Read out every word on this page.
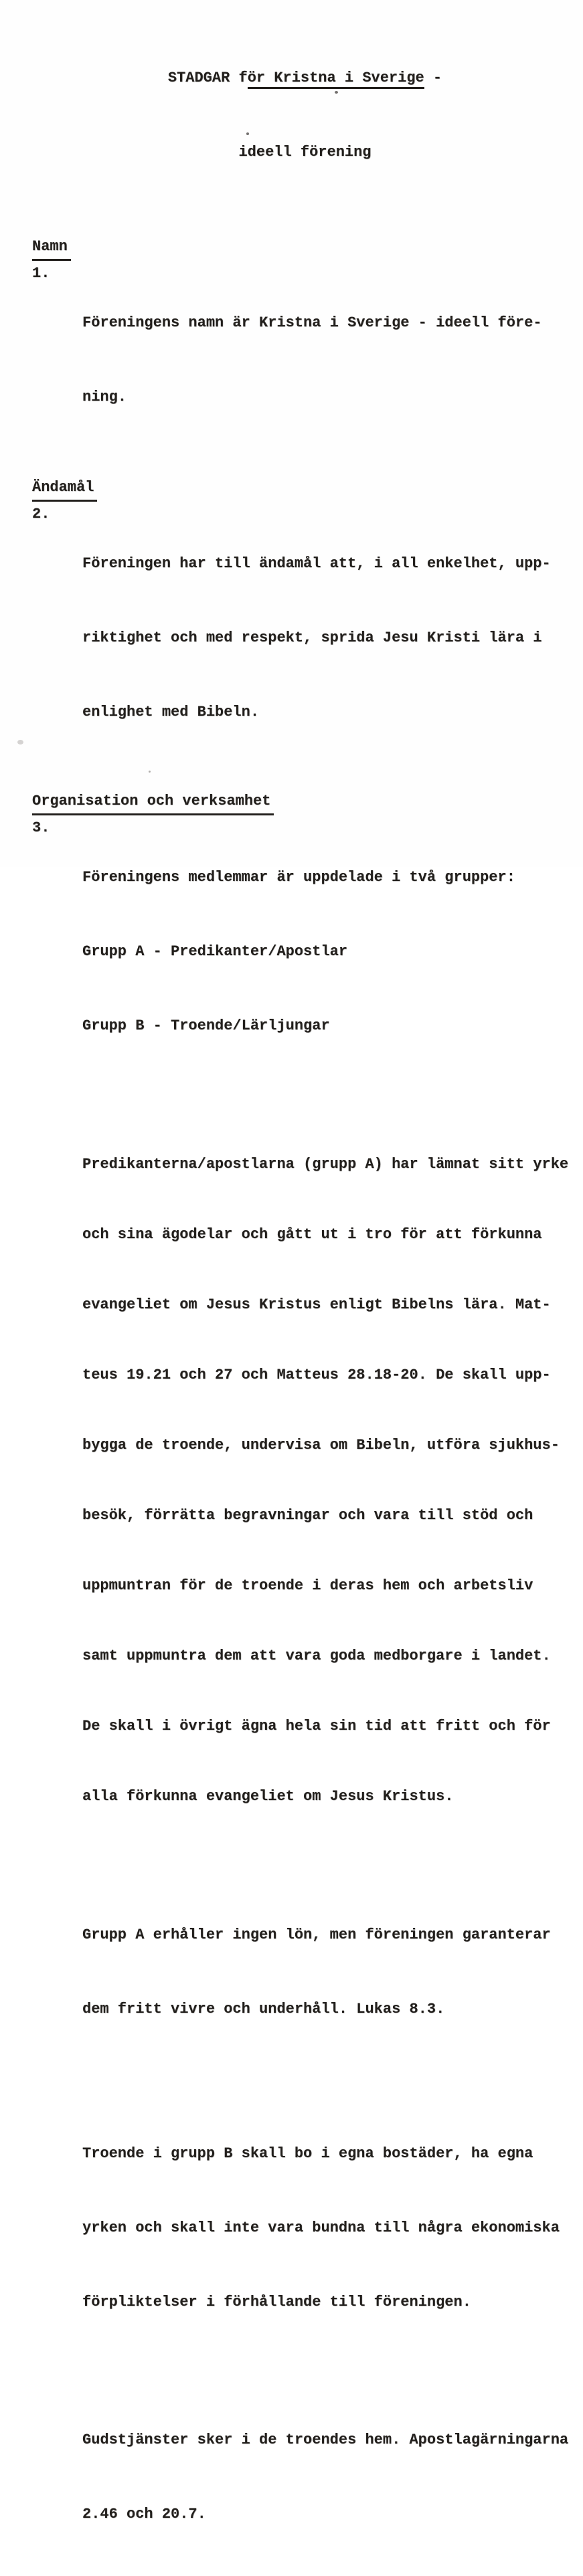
STADGAR för Kristna i Sverige -

ideell förening

Namn
1.

Föreningens namn är Kristna i Sverige - ideell före-

ning.

Ändamål
2.

Föreningen har till ändamål att, i all enkelhet, upp-

riktighet och med respekt, sprida Jesu Kristi lära i

enlighet med Bibeln.

Organisation och verksamhet
3.

Föreningens medlemmar är uppdelade i två grupper:

Grupp A - Predikanter/Apostlar

Grupp B - Troende/Lärljungar

Predikanterna/apostlarna (grupp A) har lämnat sitt yrke

och sina ägodelar och gått ut i tro för att förkunna

evangeliet om Jesus Kristus enligt Bibelns lära. Mat-

teus 19.21 och 27 och Matteus 28.18-20. De skall upp-

bygga de troende, undervisa om Bibeln, utföra sjukhus-

besök, förrätta begravningar och vara till stöd och

uppmuntran för de troende i deras hem och arbetsliv

samt uppmuntra dem att vara goda medborgare i landet.

De skall i övrigt ägna hela sin tid att fritt och för

alla förkunna evangeliet om Jesus Kristus.

Grupp A erhåller ingen lön, men föreningen garanterar

dem fritt vivre och underhåll. Lukas 8.3.

Troende i grupp B skall bo i egna bostäder, ha egna

yrken och skall inte vara bundna till några ekonomiska

förpliktelser i förhållande till föreningen.

Gudstjänster sker i de troendes hem. Apostlagärningarna

2.46 och 20.7.
